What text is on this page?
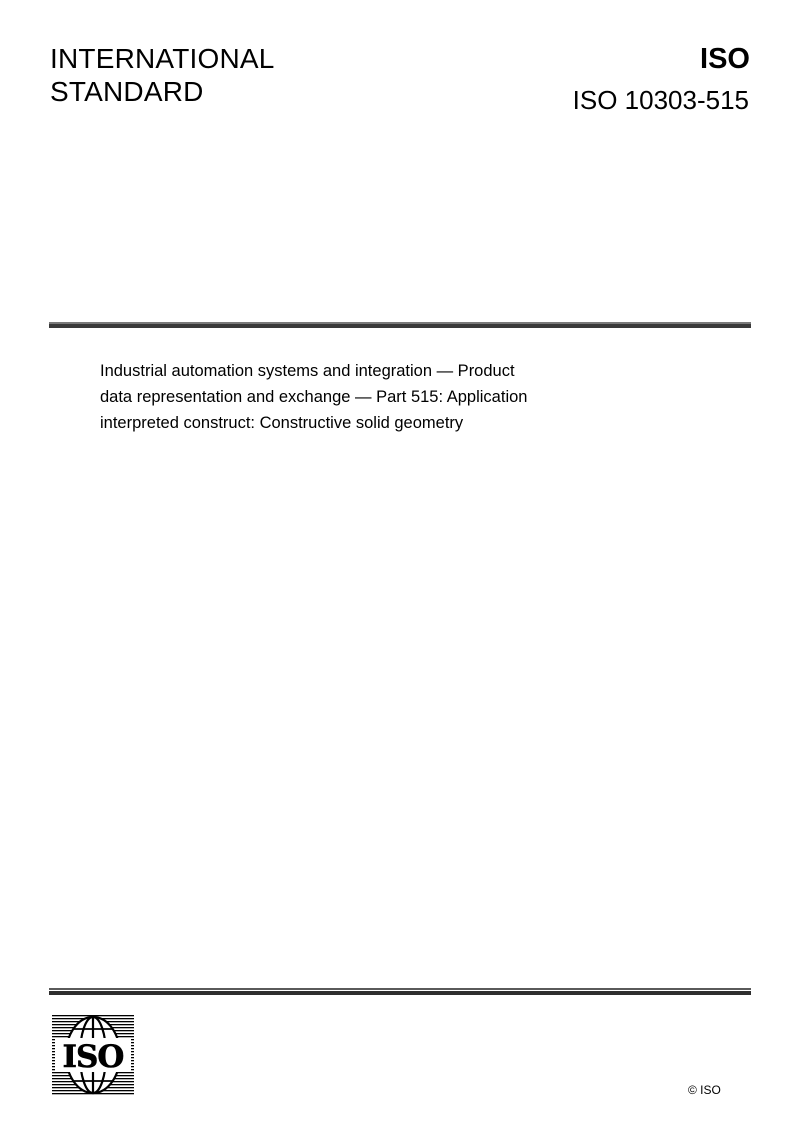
INTERNATIONAL
STANDARD
ISO
ISO 10303-515
Industrial automation systems and integration — Product
data representation and exchange — Part 515: Application
interpreted construct: Constructive solid geometry
ISO
© ISO
